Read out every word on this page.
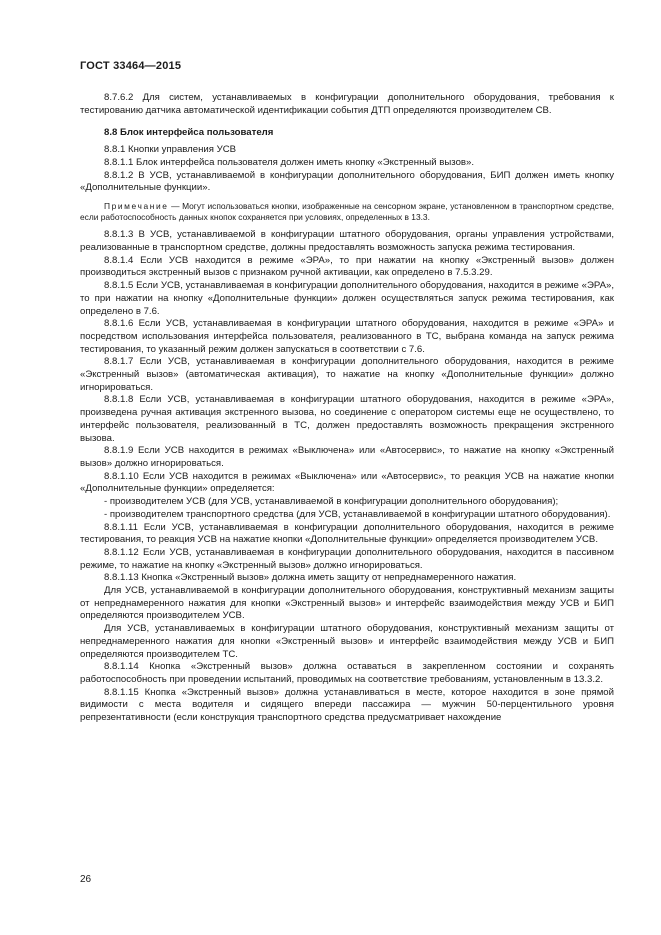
ГОСТ 33464—2015

8.7.6.2 Для систем, устанавливаемых в конфигурации дополнительного оборудования, требования к тестированию датчика автоматической идентификации события ДТП определяются производителем СВ.

8.8 Блок интерфейса пользователя

8.8.1 Кнопки управления УСВ

8.8.1.1 Блок интерфейса пользователя должен иметь кнопку «Экстренный вызов».

8.8.1.2 В УСВ, устанавливаемой в конфигурации дополнительного оборудования, БИП должен иметь кнопку «Дополнительные функции».

Примечание — Могут использоваться кнопки, изображенные на сенсорном экране, установленном в транспортном средстве, если работоспособность данных кнопок сохраняется при условиях, определенных в 13.3.

8.8.1.3 В УСВ, устанавливаемой в конфигурации штатного оборудования, органы управления устройствами, реализованные в транспортном средстве, должны предоставлять возможность запуска режима тестирования.

8.8.1.4 Если УСВ находится в режиме «ЭРА», то при нажатии на кнопку «Экстренный вызов» должен производиться экстренный вызов с признаком ручной активации, как определено в 7.5.3.29.

8.8.1.5 Если УСВ, устанавливаемая в конфигурации дополнительного оборудования, находится в режиме «ЭРА», то при нажатии на кнопку «Дополнительные функции» должен осуществляться запуск режима тестирования, как определено в 7.6.

8.8.1.6 Если УСВ, устанавливаемая в конфигурации штатного оборудования, находится в режиме «ЭРА» и посредством использования интерфейса пользователя, реализованного в ТС, выбрана команда на запуск режима тестирования, то указанный режим должен запускаться в соответствии с 7.6.

8.8.1.7 Если УСВ, устанавливаемая в конфигурации дополнительного оборудования, находится в режиме «Экстренный вызов» (автоматическая активация), то нажатие на кнопку «Дополнительные функции» должно игнорироваться.

8.8.1.8 Если УСВ, устанавливаемая в конфигурации штатного оборудования, находится в режиме «ЭРА», произведена ручная активация экстренного вызова, но соединение с оператором системы еще не осуществлено, то интерфейс пользователя, реализованный в ТС, должен предоставлять возможность прекращения экстренного вызова.

8.8.1.9 Если УСВ находится в режимах «Выключена» или «Автосервис», то нажатие на кнопку «Экстренный вызов» должно игнорироваться.

8.8.1.10 Если УСВ находится в режимах «Выключена» или «Автосервис», то реакция УСВ на нажатие кнопки «Дополнительные функции» определяется:

- производителем УСВ (для УСВ, устанавливаемой в конфигурации дополнительного оборудования);

- производителем транспортного средства (для УСВ, устанавливаемой в конфигурации штатного оборудования).

8.8.1.11 Если УСВ, устанавливаемая в конфигурации дополнительного оборудования, находится в режиме тестирования, то реакция УСВ на нажатие кнопки «Дополнительные функции» определяется производителем УСВ.

8.8.1.12 Если УСВ, устанавливаемая в конфигурации дополнительного оборудования, находится в пассивном режиме, то нажатие на кнопку «Экстренный вызов» должно игнорироваться.

8.8.1.13 Кнопка «Экстренный вызов» должна иметь защиту от непреднамеренного нажатия.

Для УСВ, устанавливаемой в конфигурации дополнительного оборудования, конструктивный механизм защиты от непреднамеренного нажатия для кнопки «Экстренный вызов» и интерфейс взаимодействия между УСВ и БИП определяются производителем УСВ.

Для УСВ, устанавливаемых в конфигурации штатного оборудования, конструктивный механизм защиты от непреднамеренного нажатия для кнопки «Экстренный вызов» и интерфейс взаимодействия между УСВ и БИП определяются производителем ТС.

8.8.1.14 Кнопка «Экстренный вызов» должна оставаться в закрепленном состоянии и сохранять работоспособность при проведении испытаний, проводимых на соответствие требованиям, установленным в 13.3.2.

8.8.1.15 Кнопка «Экстренный вызов» должна устанавливаться в месте, которое находится в зоне прямой видимости с места водителя и сидящего впереди пассажира — мужчин 50-перцентильного уровня репрезентативности (если конструкция транспортного средства предусматривает нахождение

26
